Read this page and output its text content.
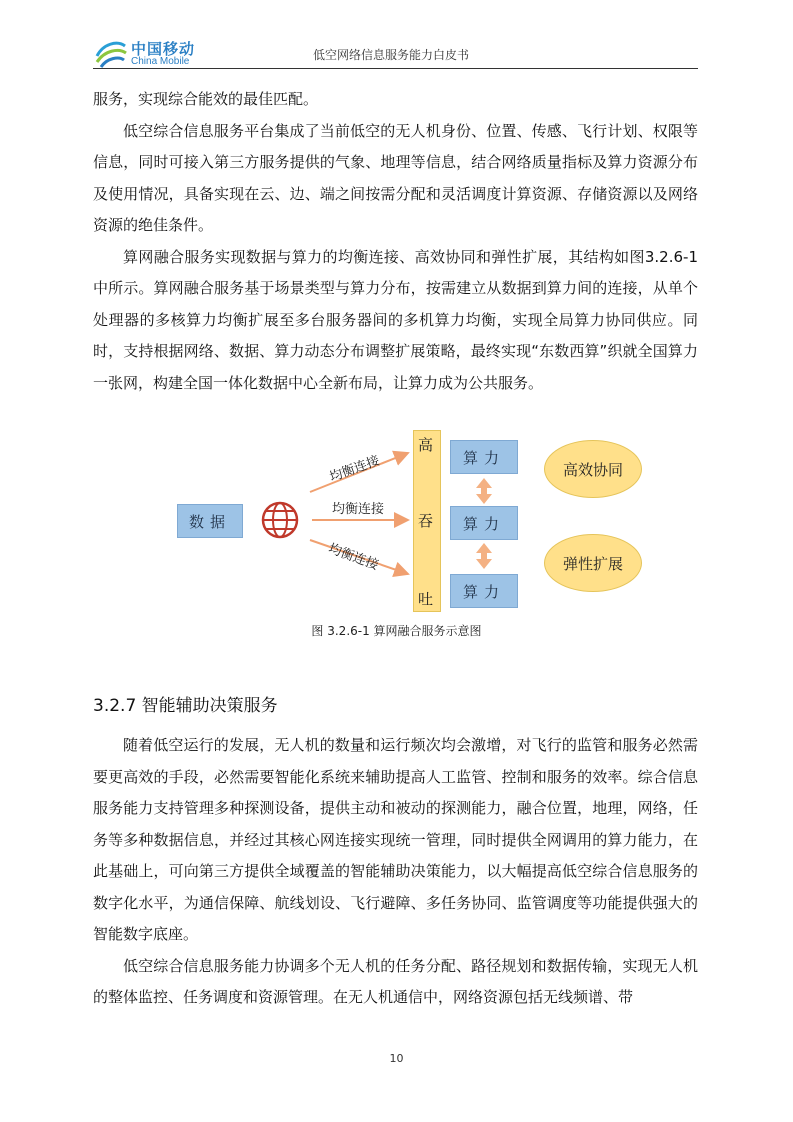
中国移动
China Mobile	低空网络信息服务能力白皮书

服务，实现综合能效的最佳匹配。

低空综合信息服务平台集成了当前低空的无人机身份、位置、传感、飞行计划、权限等信息，同时可接入第三方服务提供的气象、地理等信息，结合网络质量指标及算力资源分布及使用情况，具备实现在云、边、端之间按需分配和灵活调度计算资源、存储资源以及网络资源的绝佳条件。

算网融合服务实现数据与算力的均衡连接、高效协同和弹性扩展，其结构如图3.2.6-1中所示。算网融合服务基于场景类型与算力分布，按需建立从数据到算力间的连接，从单个处理器的多核算力均衡扩展至多台服务器间的多机算力均衡，实现全局算力协同供应。同时，支持根据网络、数据、算力动态分布调整扩展策略，最终实现“东数西算”织就全国算力一张网，构建全国一体化数据中心全新布局，让算力成为公共服务。

数据
均衡连接
均衡连接
均衡连接
高
吞
吐
算力
算力
算力
高效协同
弹性扩展
图 3.2.6-1 算网融合服务示意图
3.2.7 智能辅助决策服务

随着低空运行的发展，无人机的数量和运行频次均会激增，对飞行的监管和服务必然需要更高效的手段，必然需要智能化系统来辅助提高人工监管、控制和服务的效率。综合信息服务能力支持管理多种探测设备，提供主动和被动的探测能力，融合位置，地理，网络，任务等多种数据信息，并经过其核心网连接实现统一管理，同时提供全网调用的算力能力，在此基础上，可向第三方提供全域覆盖的智能辅助决策能力，以大幅提高低空综合信息服务的数字化水平，为通信保障、航线划设、飞行避障、多任务协同、监管调度等功能提供强大的智能数字底座。

低空综合信息服务能力协调多个无人机的任务分配、路径规划和数据传输，实现无人机的整体监控、任务调度和资源管理。在无人机通信中，网络资源包括无线频谱、带

10
